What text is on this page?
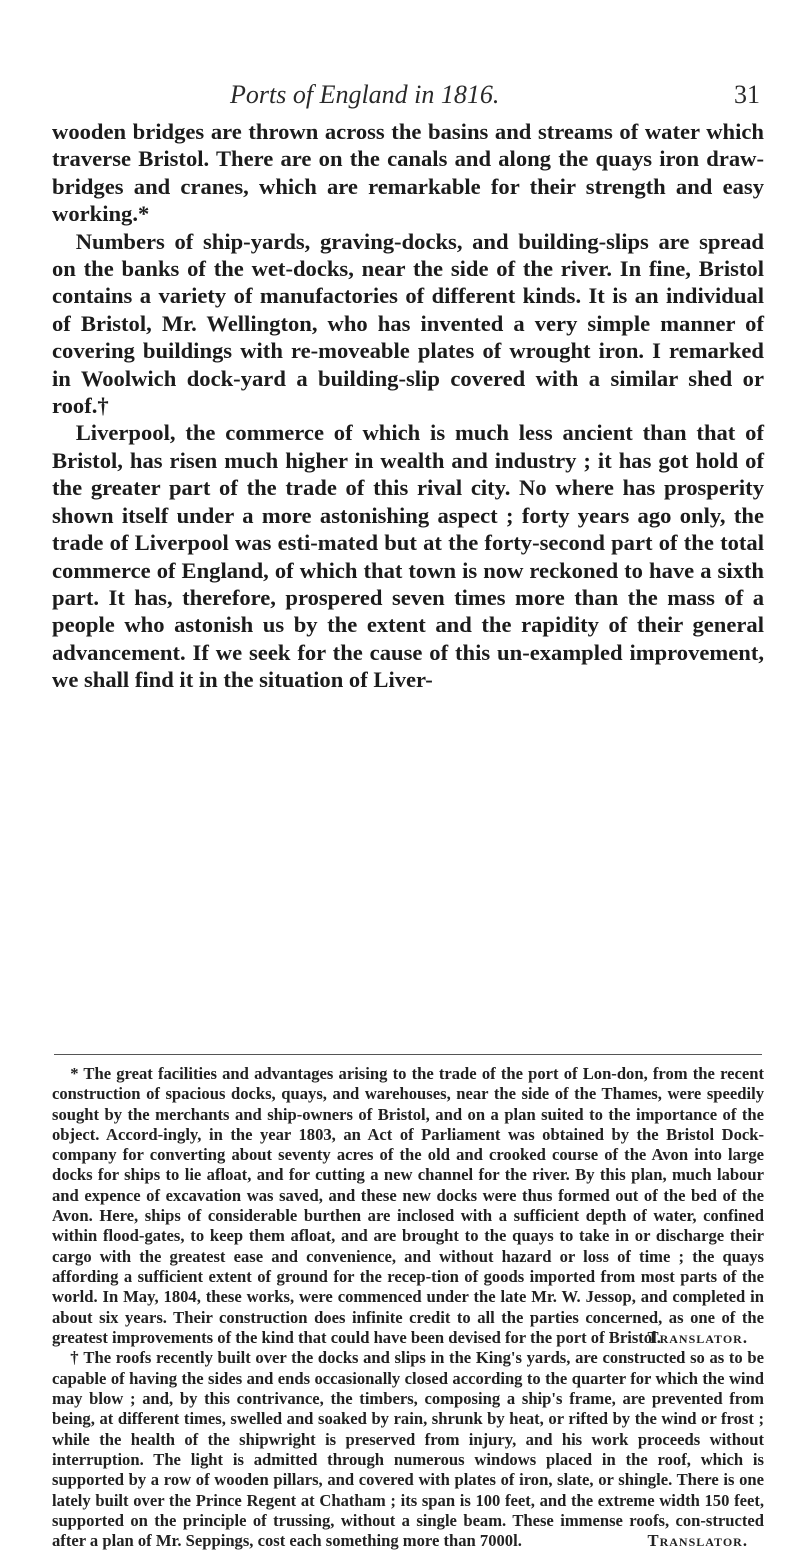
Ports of England in 1816.	31

wooden bridges are thrown across the basins and streams of water which traverse Bristol. There are on the canals and along the quays iron draw-bridges and cranes, which are remarkable for their strength and easy working.*

Numbers of ship-yards, graving-docks, and building-slips are spread on the banks of the wet-docks, near the side of the river. In fine, Bristol contains a variety of manufactories of different kinds. It is an individual of Bristol, Mr. Wellington, who has invented a very simple manner of covering buildings with re-moveable plates of wrought iron. I remarked in Woolwich dock-yard a building-slip covered with a similar shed or roof.†

Liverpool, the commerce of which is much less ancient than that of Bristol, has risen much higher in wealth and industry ; it has got hold of the greater part of the trade of this rival city. No where has prosperity shown itself under a more astonishing aspect ; forty years ago only, the trade of Liverpool was esti-mated but at the forty-second part of the total commerce of England, of which that town is now reckoned to have a sixth part. It has, therefore, prospered seven times more than the mass of a people who astonish us by the extent and the rapidity of their general advancement. If we seek for the cause of this un-exampled improvement, we shall find it in the situation of Liver-

* The great facilities and advantages arising to the trade of the port of Lon-don, from the recent construction of spacious docks, quays, and warehouses, near the side of the Thames, were speedily sought by the merchants and ship-owners of Bristol, and on a plan suited to the importance of the object. Accord-ingly, in the year 1803, an Act of Parliament was obtained by the Bristol Dock-company for converting about seventy acres of the old and crooked course of the Avon into large docks for ships to lie afloat, and for cutting a new channel for the river. By this plan, much labour and expence of excavation was saved, and these new docks were thus formed out of the bed of the Avon. Here, ships of considerable burthen are inclosed with a sufficient depth of water, confined within flood-gates, to keep them afloat, and are brought to the quays to take in or discharge their cargo with the greatest ease and convenience, and without hazard or loss of time ; the quays affording a sufficient extent of ground for the recep-tion of goods imported from most parts of the world. In May, 1804, these works, were commenced under the late Mr. W. Jessop, and completed in about six years. Their construction does infinite credit to all the parties concerned, as one of the greatest improvements of the kind that could have been devised for the port of Bristol.

Translator.

† The roofs recently built over the docks and slips in the King's yards, are constructed so as to be capable of having the sides and ends occasionally closed according to the quarter for which the wind may blow ; and, by this contrivance, the timbers, composing a ship's frame, are prevented from being, at different times, swelled and soaked by rain, shrunk by heat, or rifted by the wind or frost ; while the health of the shipwright is preserved from injury, and his work proceeds without interruption. The light is admitted through numerous windows placed in the roof, which is supported by a row of wooden pillars, and covered with plates of iron, slate, or shingle. There is one lately built over the Prince Regent at Chatham ; its span is 100 feet, and the extreme width 150 feet, supported on the principle of trussing, without a single beam. These immense roofs, con-structed after a plan of Mr. Seppings, cost each something more than 7000l.	Translator.
